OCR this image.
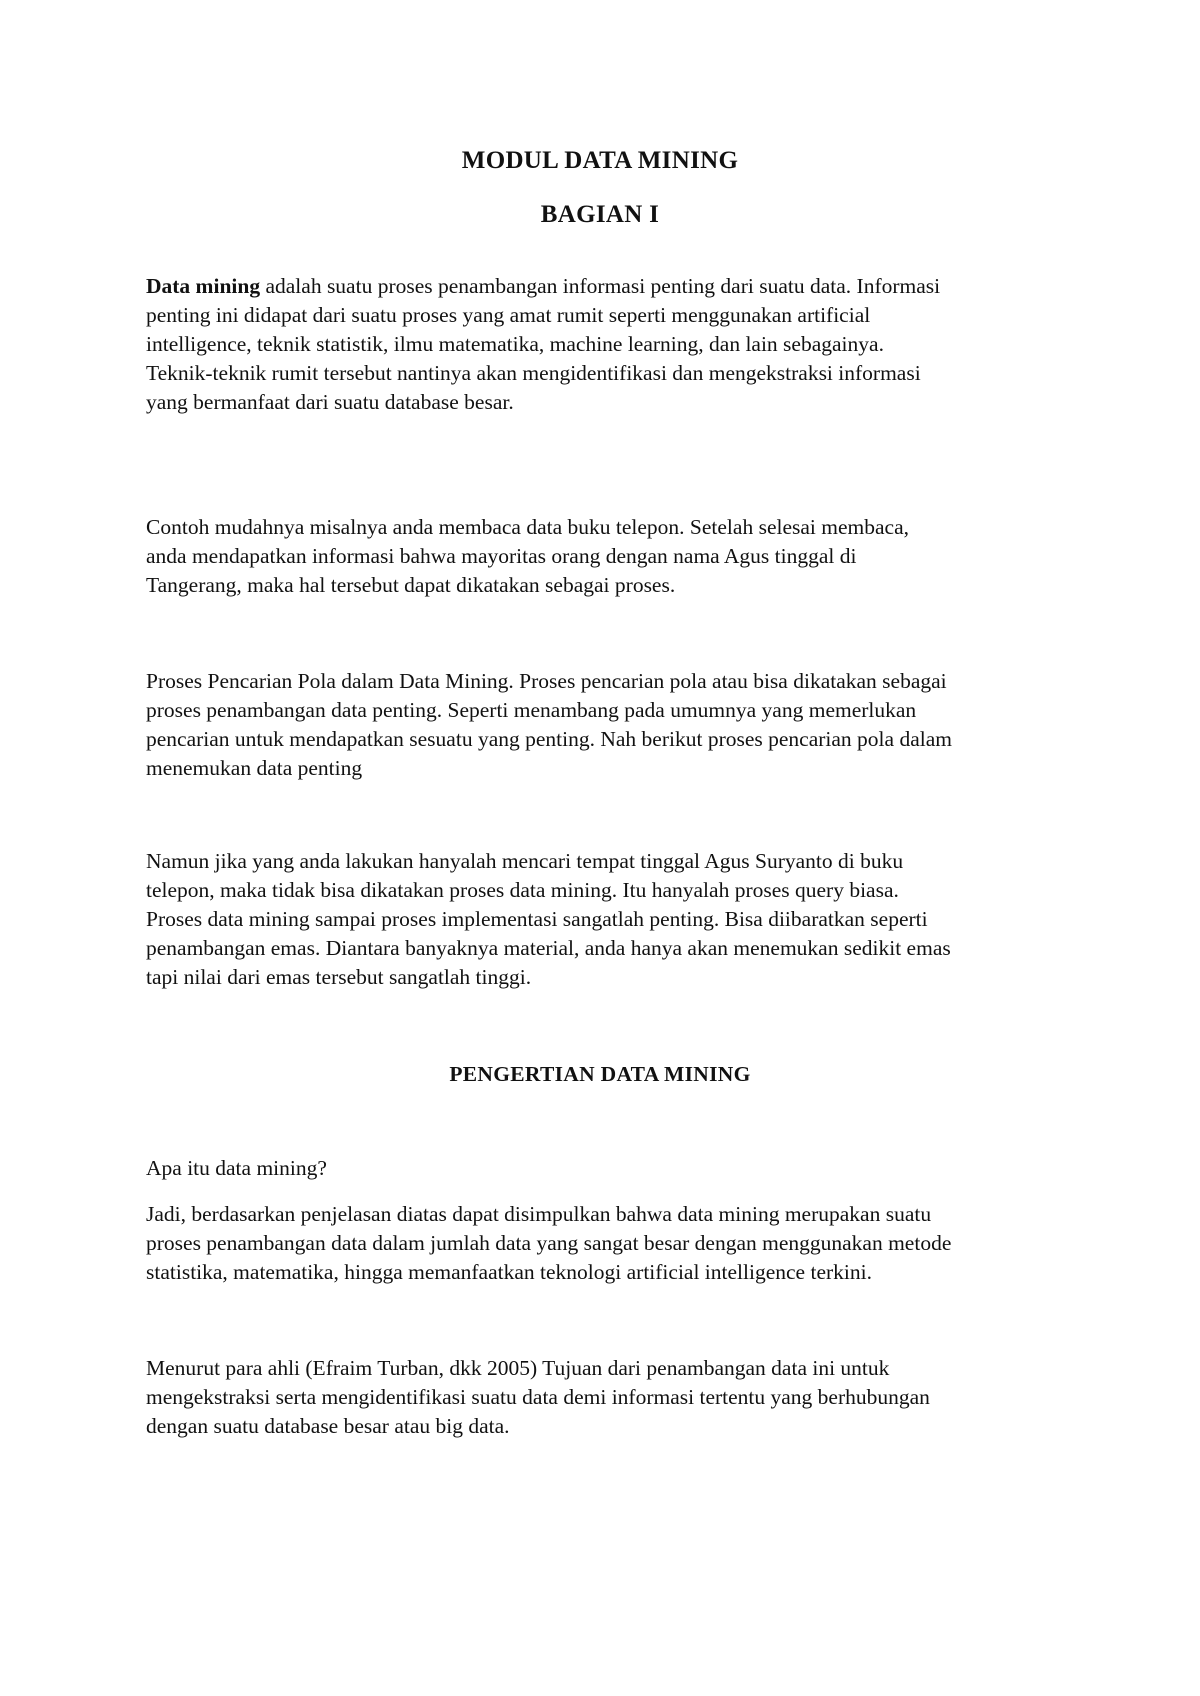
MODUL DATA MINING
BAGIAN I
Data mining adalah suatu proses penambangan informasi penting dari suatu data. Informasi
penting ini didapat dari suatu proses yang amat rumit seperti menggunakan artificial
intelligence, teknik statistik, ilmu matematika, machine learning, dan lain sebagainya.
Teknik-teknik rumit tersebut nantinya akan mengidentifikasi dan mengekstraksi informasi
yang bermanfaat dari suatu database besar.
Contoh mudahnya misalnya anda membaca data buku telepon. Setelah selesai membaca,
anda mendapatkan informasi bahwa mayoritas orang dengan nama Agus tinggal di
Tangerang, maka hal tersebut dapat dikatakan sebagai proses.
Proses Pencarian Pola dalam Data Mining. Proses pencarian pola atau bisa dikatakan sebagai
proses penambangan data penting. Seperti menambang pada umumnya yang memerlukan
pencarian untuk mendapatkan sesuatu yang penting. Nah berikut proses pencarian pola dalam
menemukan data penting
Namun jika yang anda lakukan hanyalah mencari tempat tinggal Agus Suryanto di buku
telepon, maka tidak bisa dikatakan proses data mining. Itu hanyalah proses query biasa.
Proses data mining sampai proses implementasi sangatlah penting. Bisa diibaratkan seperti
penambangan emas. Diantara banyaknya material, anda hanya akan menemukan sedikit emas
tapi nilai dari emas tersebut sangatlah tinggi.
PENGERTIAN DATA MINING
Apa itu data mining?
Jadi, berdasarkan penjelasan diatas dapat disimpulkan bahwa data mining merupakan suatu
proses penambangan data dalam jumlah data yang sangat besar dengan menggunakan metode
statistika, matematika, hingga memanfaatkan teknologi artificial intelligence terkini.
Menurut para ahli (Efraim Turban, dkk 2005) Tujuan dari penambangan data ini untuk
mengekstraksi serta mengidentifikasi suatu data demi informasi tertentu yang berhubungan
dengan suatu database besar atau big data.
